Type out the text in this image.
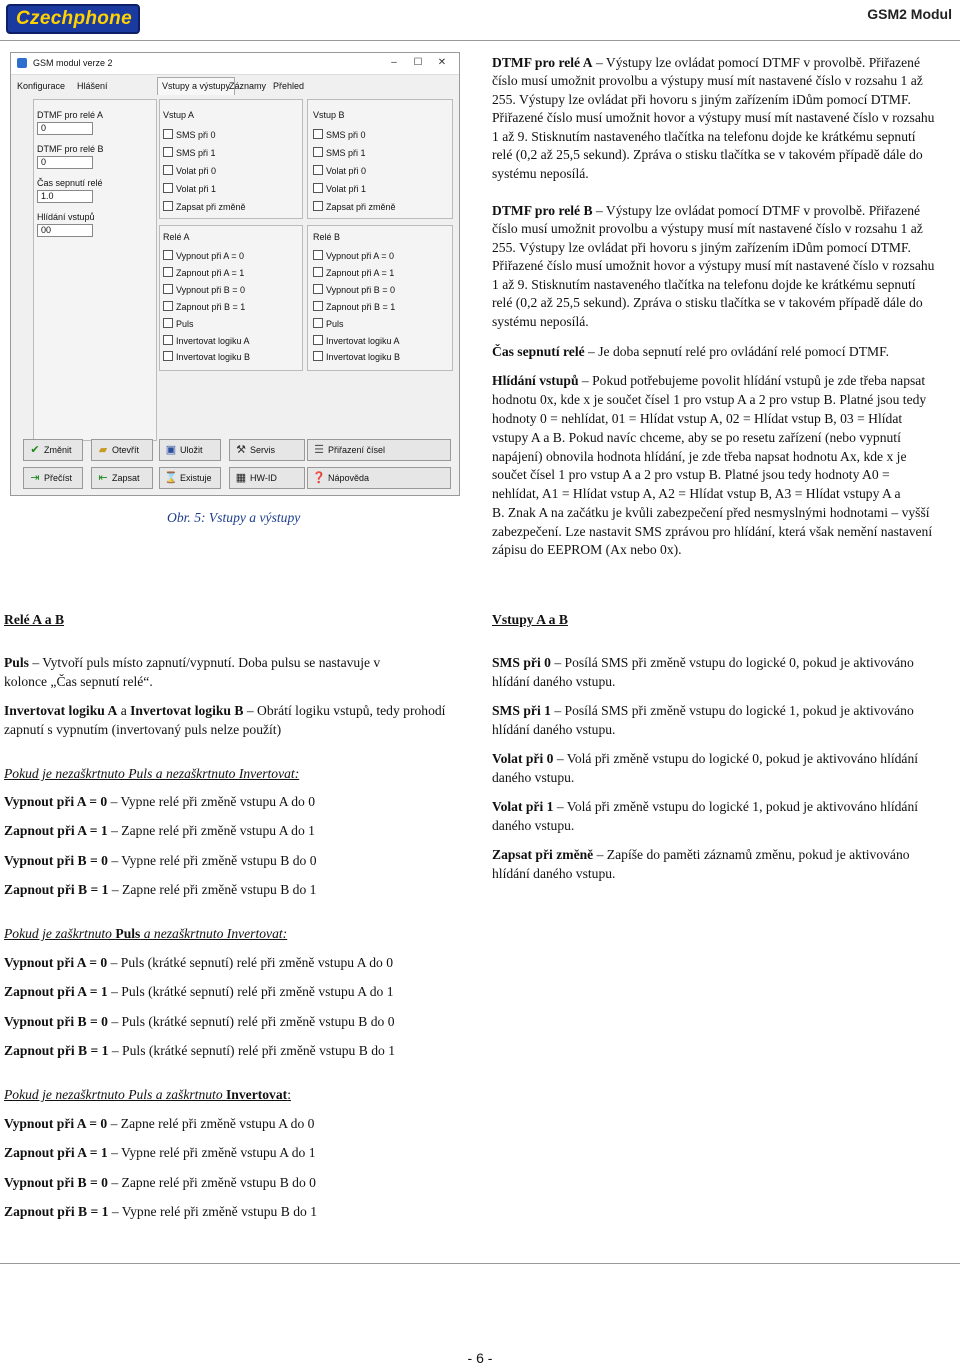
Czechphone	GSM2 Modul
GSM modul verze 2	–	☐ ✕
Konfigurace Hlášení	Vstupy a výstupy
Záznamy Přehled
DTMF pro relé A
0
DTMF pro relé B
0
Čas sepnutí relé
1.0
Hlídání vstupů
00
Vstup A
SMS při 0
SMS při 1
Volat při 0
Volat při 1
Zapsat při změně
Vstup B
SMS při 0
SMS při 1
Volat při 0
Volat při 1
Zapsat při změně
Relé A
Vypnout při A = 0
Zapnout při A = 1
Vypnout při B = 0
Zapnout při B = 1
Puls
Invertovat logiku A
Invertovat logiku B
Relé B
Vypnout při A = 0
Zapnout při A = 1
Vypnout při B = 0
Zapnout při B = 1
Puls
Invertovat logiku A
Invertovat logiku B
✔ Změnit	▰ Otevřít	▣ Uložit	⚒ Servis	☰ Přiřazení čísel
⇥ Přečíst	⇤ Zapsat	⌛ Existuje	▦ HW-ID	❓ Nápověda
Obr. 5: Vstupy a výstupy
DTMF pro relé A – Výstupy lze ovládat pomocí DTMF v provolbě. Přiřazené
číslo musí umožnit provolbu a výstupy musí mít nastavené číslo v rozsahu 1 až
255. Výstupy lze ovládat při hovoru s jiným zařízením iDům pomocí DTMF.
Přiřazené číslo musí umožnit hovor a výstupy musí mít nastavené číslo v rozsahu
1 až 9. Stisknutím nastaveného tlačítka na telefonu dojde ke krátkému sepnutí
relé (0,2 až 25,5 sekund). Zpráva o stisku tlačítka se v takovém případě dále do
systému neposílá.
DTMF pro relé B – Výstupy lze ovládat pomocí DTMF v provolbě. Přiřazené
číslo musí umožnit provolbu a výstupy musí mít nastavené číslo v rozsahu 1 až
255. Výstupy lze ovládat při hovoru s jiným zařízením iDům pomocí DTMF.
Přiřazené číslo musí umožnit hovor a výstupy musí mít nastavené číslo v rozsahu
1 až 9. Stisknutím nastaveného tlačítka na telefonu dojde ke krátkému sepnutí
relé (0,2 až 25,5 sekund). Zpráva o stisku tlačítka se v takovém případě dále do
systému neposílá.
Čas sepnutí relé – Je doba sepnutí relé pro ovládání relé pomocí DTMF.
Hlídání vstupů – Pokud potřebujeme povolit hlídání vstupů je zde třeba napsat
hodnotu 0x, kde x je součet čísel 1 pro vstup A a 2 pro vstup B. Platné jsou tedy
hodnoty 0 = nehlídat, 01 = Hlídat vstup A, 02 = Hlídat vstup B, 03 = Hlídat
vstupy A a B. Pokud navíc chceme, aby se po resetu zařízení (nebo vypnutí
napájení) obnovila hodnota hlídání, je zde třeba napsat hodnotu Ax, kde x je
součet čísel 1 pro vstup A a 2 pro vstup B. Platné jsou tedy hodnoty A0 =
nehlídat, A1 = Hlídat vstup A, A2 = Hlídat vstup B, A3 = Hlídat vstupy A a
B. Znak A na začátku je kvůli zabezpečení před nesmyslnými hodnotami – vyšší
zabezpečení. Lze nastavit SMS zprávou pro hlídání, která však nemění nastavení
zápisu do EEPROM (Ax nebo 0x).
Relé A a B
Puls – Vytvoří puls místo zapnutí/vypnutí. Doba pulsu se nastavuje v
kolonce „Čas sepnutí relé“.
Invertovat logiku A a Invertovat logiku B – Obrátí logiku vstupů, tedy prohodí
zapnutí s vypnutím (invertovaný puls nelze použít)
Pokud je nezaškrtnuto Puls a nezaškrtnuto Invertovat:
Vypnout při A = 0 – Vypne relé při změně vstupu A do 0
Zapnout při A = 1 – Zapne relé při změně vstupu A do 1
Vypnout při B = 0 – Vypne relé při změně vstupu B do 0
Zapnout při B = 1 – Zapne relé při změně vstupu B do 1
Pokud je zaškrtnuto Puls a nezaškrtnuto Invertovat:
Vypnout při A = 0 – Puls (krátké sepnutí) relé při změně vstupu A do 0
Zapnout při A = 1 – Puls (krátké sepnutí) relé při změně vstupu A do 1
Vypnout při B = 0 – Puls (krátké sepnutí) relé při změně vstupu B do 0
Zapnout při B = 1 – Puls (krátké sepnutí) relé při změně vstupu B do 1
Pokud je nezaškrtnuto Puls a zaškrtnuto Invertovat:
Vypnout při A = 0 – Zapne relé při změně vstupu A do 0
Zapnout při A = 1 – Vypne relé při změně vstupu A do 1
Vypnout při B = 0 – Zapne relé při změně vstupu B do 0
Zapnout při B = 1 – Vypne relé při změně vstupu B do 1
Vstupy A a B
SMS při 0 – Posílá SMS při změně vstupu do logické 0, pokud je aktivováno
hlídání daného vstupu.
SMS při 1 – Posílá SMS při změně vstupu do logické 1, pokud je aktivováno
hlídání daného vstupu.
Volat při 0 – Volá při změně vstupu do logické 0, pokud je aktivováno hlídání
daného vstupu.
Volat při 1 – Volá při změně vstupu do logické 1, pokud je aktivováno hlídání
daného vstupu.
Zapsat při změně – Zapíše do paměti záznamů změnu, pokud je aktivováno
hlídání daného vstupu.
- 6 -
